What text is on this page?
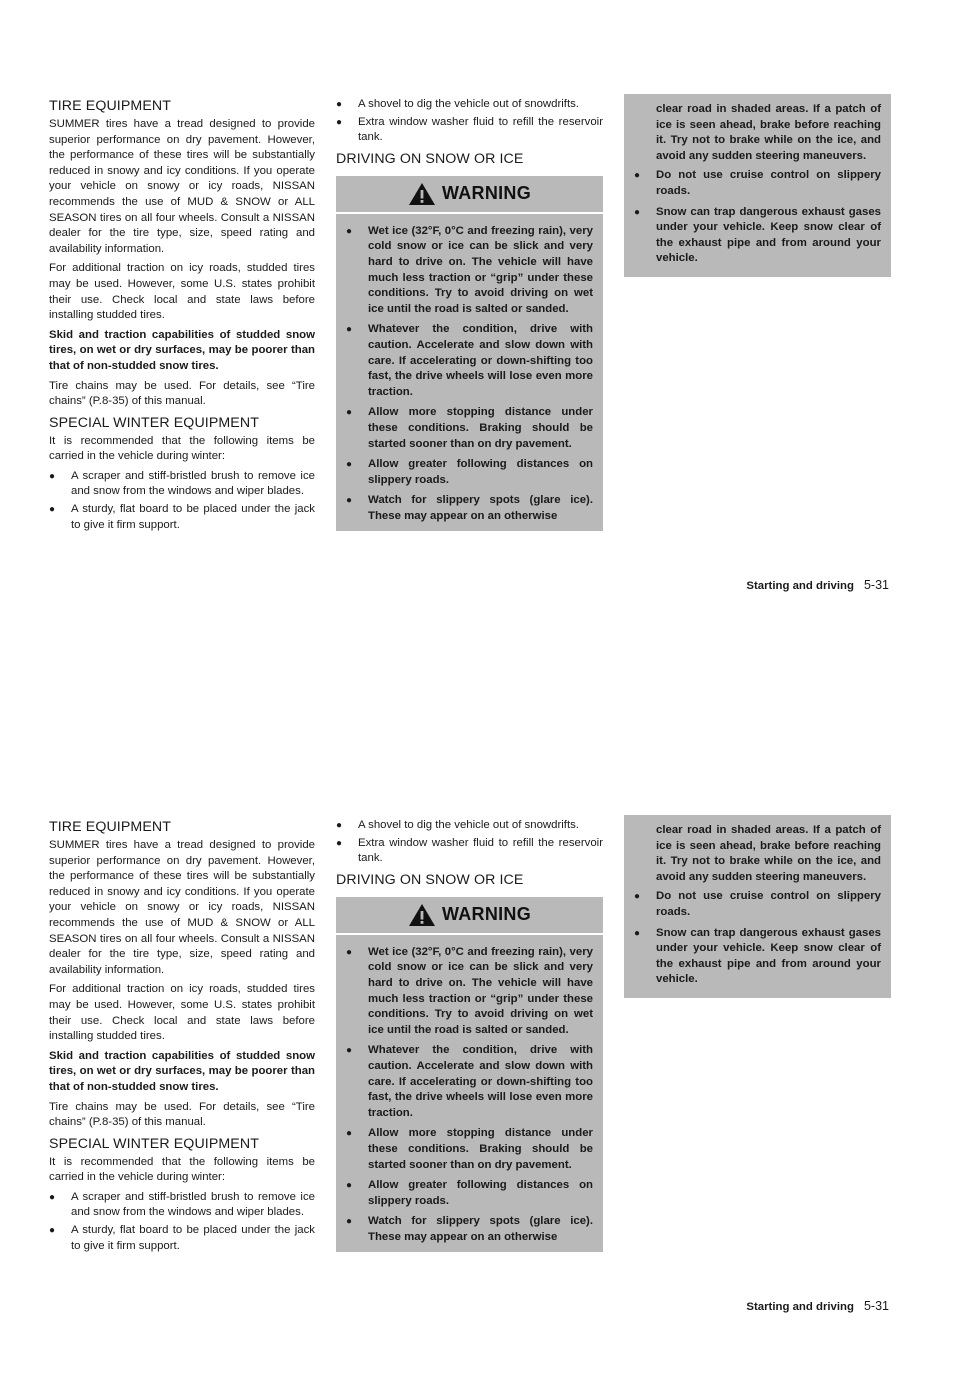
TIRE EQUIPMENT

SUMMER tires have a tread designed to provide superior performance on dry pavement. However, the performance of these tires will be substantially reduced in snowy and icy conditions. If you operate your vehicle on snowy or icy roads, NISSAN recommends the use of MUD & SNOW or ALL SEASON tires on all four wheels. Consult a NISSAN dealer for the tire type, size, speed rating and availability information.

For additional traction on icy roads, studded tires may be used. However, some U.S. states prohibit their use. Check local and state laws before installing studded tires.

Skid and traction capabilities of studded snow tires, on wet or dry surfaces, may be poorer than that of non-studded snow tires.

Tire chains may be used. For details, see “Tire chains” (P.8-35) of this manual.

SPECIAL WINTER EQUIPMENT

It is recommended that the following items be carried in the vehicle during winter:

● A scraper and stiff-bristled brush to remove ice and snow from the windows and wiper blades.
● A sturdy, flat board to be placed under the jack to give it firm support.
● A shovel to dig the vehicle out of snowdrifts.
● Extra window washer fluid to refill the reservoir tank.
DRIVING ON SNOW OR ICE
WARNING
● Wet ice (32°F, 0°C and freezing rain), very cold snow or ice can be slick and very hard to drive on. The vehicle will have much less traction or “grip” under these conditions. Try to avoid driving on wet ice until the road is salted or sanded.
● Whatever the condition, drive with caution. Accelerate and slow down with care. If accelerating or down-shifting too fast, the drive wheels will lose even more traction.
● Allow more stopping distance under these conditions. Braking should be started sooner than on dry pavement.
● Allow greater following distances on slippery roads.
● Watch for slippery spots (glare ice). These may appear on an otherwise

clear road in shaded areas. If a patch of ice is seen ahead, brake before reaching it. Try not to brake while on the ice, and avoid any sudden steering maneuvers.

● Do not use cruise control on slippery roads.
● Snow can trap dangerous exhaust gases under your vehicle. Keep snow clear of the exhaust pipe and from around your vehicle.
Starting and driving 5-31
TIRE EQUIPMENT

SUMMER tires have a tread designed to provide superior performance on dry pavement. However, the performance of these tires will be substantially reduced in snowy and icy conditions. If you operate your vehicle on snowy or icy roads, NISSAN recommends the use of MUD & SNOW or ALL SEASON tires on all four wheels. Consult a NISSAN dealer for the tire type, size, speed rating and availability information.

For additional traction on icy roads, studded tires may be used. However, some U.S. states prohibit their use. Check local and state laws before installing studded tires.

Skid and traction capabilities of studded snow tires, on wet or dry surfaces, may be poorer than that of non-studded snow tires.

Tire chains may be used. For details, see “Tire chains” (P.8-35) of this manual.

SPECIAL WINTER EQUIPMENT

It is recommended that the following items be carried in the vehicle during winter:

● A scraper and stiff-bristled brush to remove ice and snow from the windows and wiper blades.
● A sturdy, flat board to be placed under the jack to give it firm support.
● A shovel to dig the vehicle out of snowdrifts.
● Extra window washer fluid to refill the reservoir tank.
DRIVING ON SNOW OR ICE
WARNING
● Wet ice (32°F, 0°C and freezing rain), very cold snow or ice can be slick and very hard to drive on. The vehicle will have much less traction or “grip” under these conditions. Try to avoid driving on wet ice until the road is salted or sanded.
● Whatever the condition, drive with caution. Accelerate and slow down with care. If accelerating or down-shifting too fast, the drive wheels will lose even more traction.
● Allow more stopping distance under these conditions. Braking should be started sooner than on dry pavement.
● Allow greater following distances on slippery roads.
● Watch for slippery spots (glare ice). These may appear on an otherwise

clear road in shaded areas. If a patch of ice is seen ahead, brake before reaching it. Try not to brake while on the ice, and avoid any sudden steering maneuvers.

● Do not use cruise control on slippery roads.
● Snow can trap dangerous exhaust gases under your vehicle. Keep snow clear of the exhaust pipe and from around your vehicle.
Starting and driving 5-31
